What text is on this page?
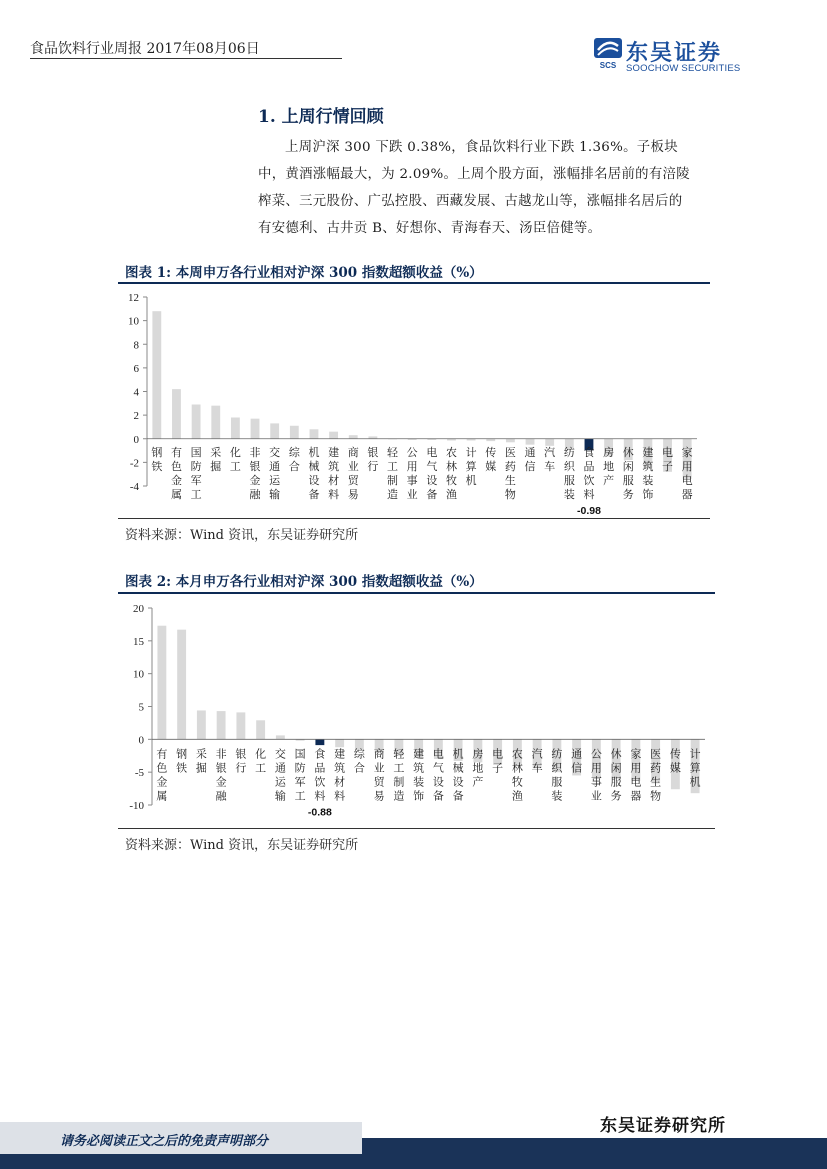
食品饮料行业周报 2017年08月06日
SCS 东吴证券
SOOCHOW SECURITIES
1. 上周行情回顾
上周沪深 300 下跌 0.38%，食品饮料行业下跌 1.36%。子板块中，黄酒涨幅最大，为 2.09%。上周个股方面，涨幅排名居前的有涪陵榨菜、三元股份、广弘控股、西藏发展、古越龙山等，涨幅排名居后的有安德利、古井贡 B、好想你、青海春天、汤臣倍健等。
图表 1: 本周申万各行业相对沪深 300 指数超额收益（%）
12
10
8
6
4
2
0
-2
-4
钢
铁
有
色
金
属
国
防
军
工
采
掘
化
工
非
银
金
融
交
通
运
输
综
合
机
械
设
备
建
筑
材
料
商
业
贸
易
银
行
轻
工
制
造
公
用
事
业
电
气
设
备
农
林
牧
渔
计
算
机
传
媒
医
药
生
物
通
信
汽
车
纺
织
服
装
食
品
饮
料
-0.98
房
地
产
休
闲
服
务
建
筑
装
饰
电
子
家
用
电
器
资料来源：Wind 资讯，东吴证券研究所
图表 2: 本月申万各行业相对沪深 300 指数超额收益（%）
20
15
10
5
0
-5
-10
有
色
金
属
钢
铁
采
掘
非
银
金
融
银
行
化
工
交
通
运
输
国
防
军
工
食
品
饮
料
-0.88
建
筑
材
料
综
合
商
业
贸
易
轻
工
制
造
建
筑
装
饰
电
气
设
备
机
械
设
备
房
地
产
电
子
农
林
牧
渔
汽
车
纺
织
服
装
通
信
公
用
事
业
休
闲
服
务
家
用
电
器
医
药
生
物
传
媒
计
算
机
资料来源：Wind 资讯，东吴证券研究所
东吴证券研究所
请务必阅读正文之后的免责声明部分
